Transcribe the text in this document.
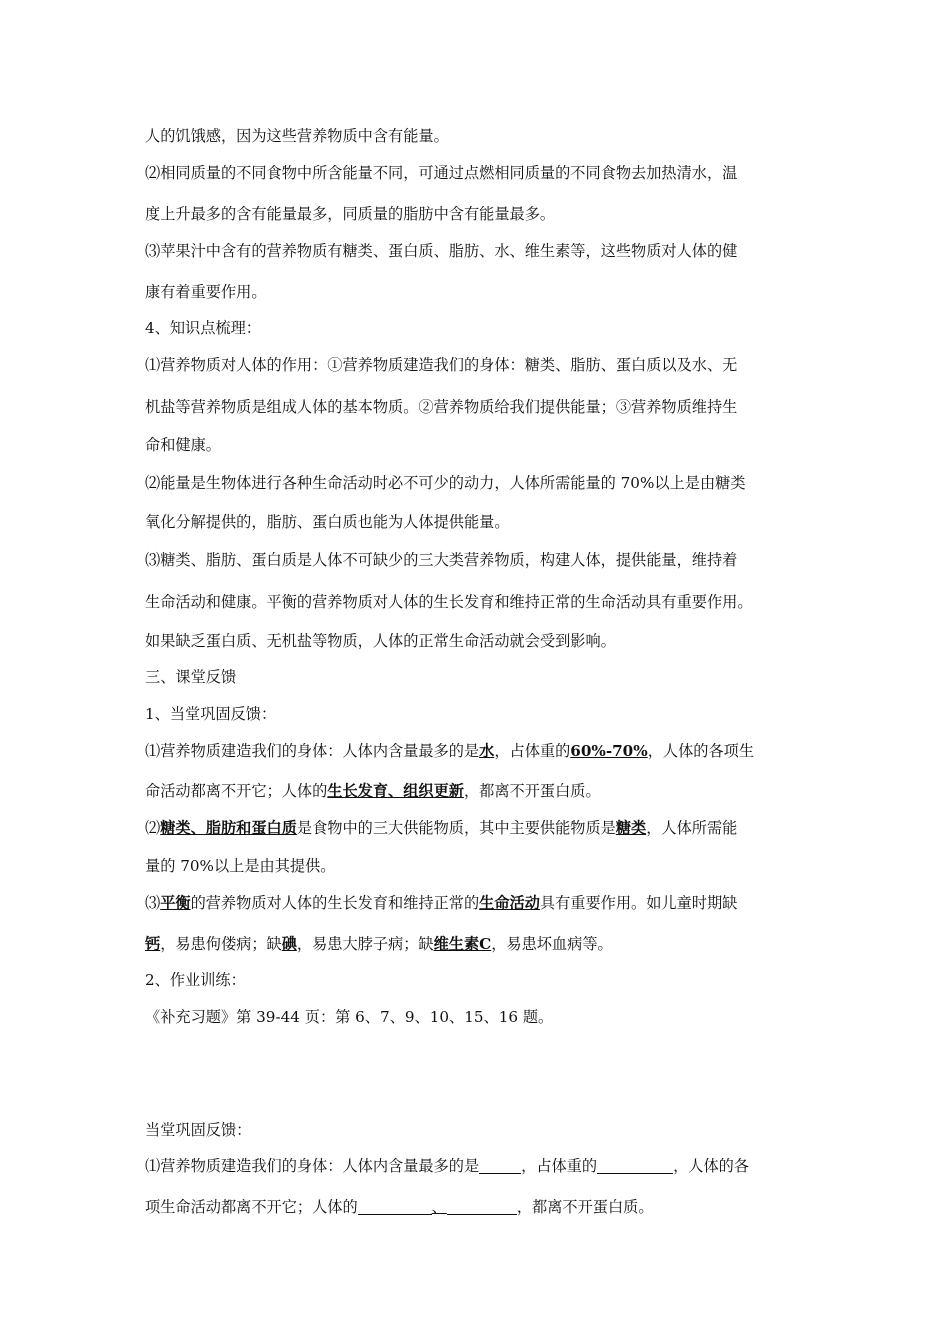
人的饥饿感，因为这些营养物质中含有能量。
⑵相同质量的不同食物中所含能量不同，可通过点燃相同质量的不同食物去加热清水，温
度上升最多的含有能量最多，同质量的脂肪中含有能量最多。
⑶苹果汁中含有的营养物质有糖类、蛋白质、脂肪、水、维生素等，这些物质对人体的健
康有着重要作用。
4、知识点梳理：
⑴营养物质对人体的作用：①营养物质建造我们的身体：糖类、脂肪、蛋白质以及水、无
机盐等营养物质是组成人体的基本物质。②营养物质给我们提供能量；③营养物质维持生
命和健康。
⑵能量是生物体进行各种生命活动时必不可少的动力，人体所需能量的 70%以上是由糖类
氧化分解提供的，脂肪、蛋白质也能为人体提供能量。
⑶糖类、脂肪、蛋白质是人体不可缺少的三大类营养物质，构建人体，提供能量，维持着
生命活动和健康。平衡的营养物质对人体的生长发育和维持正常的生命活动具有重要作用。
如果缺乏蛋白质、无机盐等物质，人体的正常生命活动就会受到影响。
三、课堂反馈
1、当堂巩固反馈：
⑴营养物质建造我们的身体：人体内含量最多的是水，占体重的60%-70%，人体的各项生
命活动都离不开它；人体的生长发育、组织更新，都离不开蛋白质。
⑵糖类、脂肪和蛋白质是食物中的三大供能物质，其中主要供能物质是糖类，人体所需能
量的 70%以上是由其提供。
⑶平衡的营养物质对人体的生长发育和维持正常的生命活动具有重要作用。如儿童时期缺
钙，易患佝偻病；缺碘，易患大脖子病；缺维生素C，易患坏血病等。
2、作业训练：
《补充习题》第 39-44 页：第 6、7、9、10、15、16 题。
当堂巩固反馈：
⑴营养物质建造我们的身体：人体内含量最多的是	，占体重的	，人体的各
项生命活动都离不开它；人体的	、	，都离不开蛋白质。
